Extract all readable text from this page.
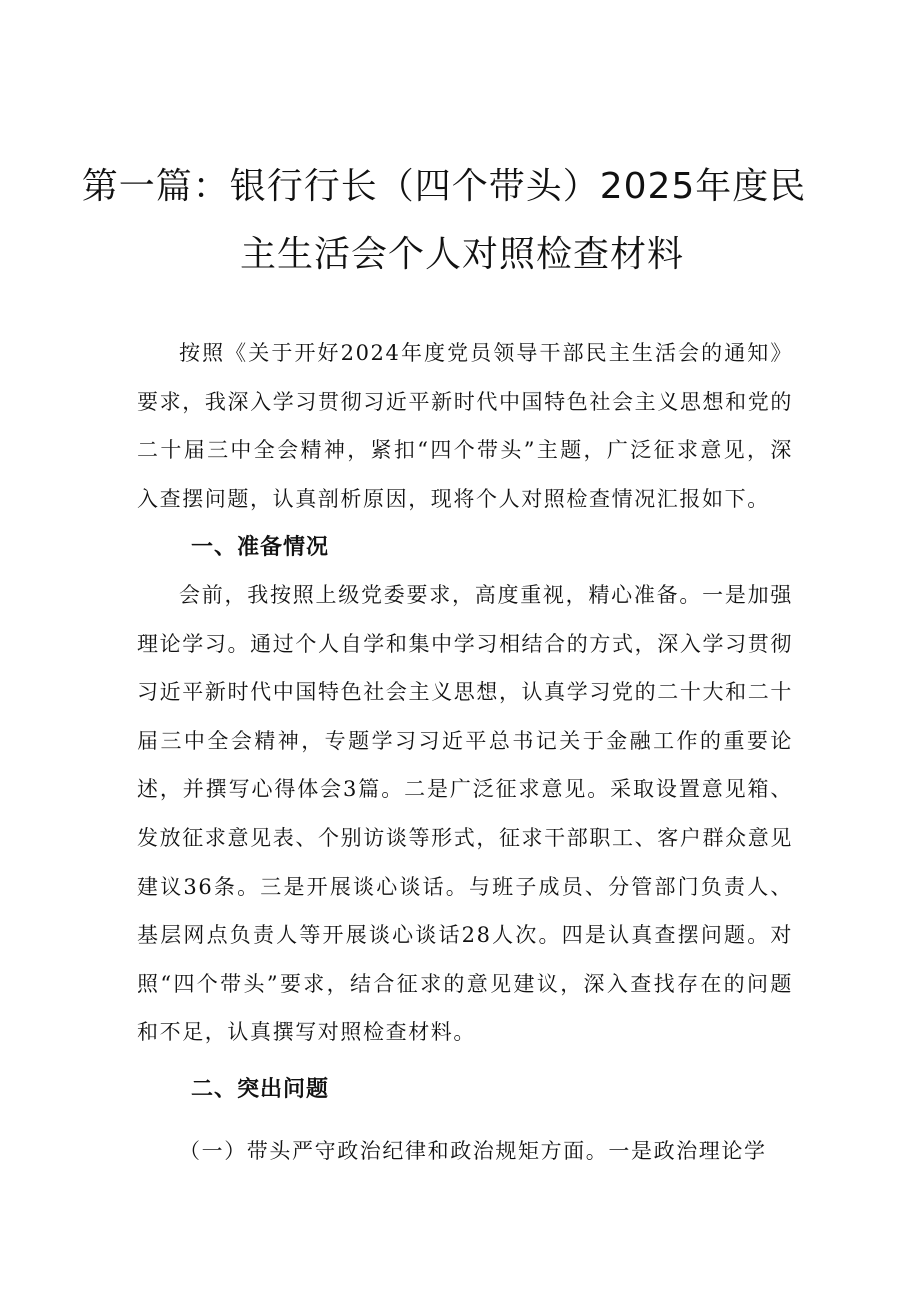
第一篇：银行行长（四个带头）2025年度民
主生活会个人对照检查材料

按照《关于开好2024年度党员领导干部民主生活会的通知》要求，我深入学习贯彻习近平新时代中国特色社会主义思想和党的二十届三中全会精神，紧扣“四个带头”主题，广泛征求意见，深入查摆问题，认真剖析原因，现将个人对照检查情况汇报如下。

一、准备情况

会前，我按照上级党委要求，高度重视，精心准备。一是加强理论学习。通过个人自学和集中学习相结合的方式，深入学习贯彻习近平新时代中国特色社会主义思想，认真学习党的二十大和二十届三中全会精神，专题学习习近平总书记关于金融工作的重要论述，并撰写心得体会3篇。二是广泛征求意见。采取设置意见箱、发放征求意见表、个别访谈等形式，征求干部职工、客户群众意见建议36条。三是开展谈心谈话。与班子成员、分管部门负责人、基层网点负责人等开展谈心谈话28人次。四是认真查摆问题。对照“四个带头”要求，结合征求的意见建议，深入查找存在的问题和不足，认真撰写对照检查材料。

二、突出问题

（一）带头严守政治纪律和政治规矩方面。一是政治理论学
